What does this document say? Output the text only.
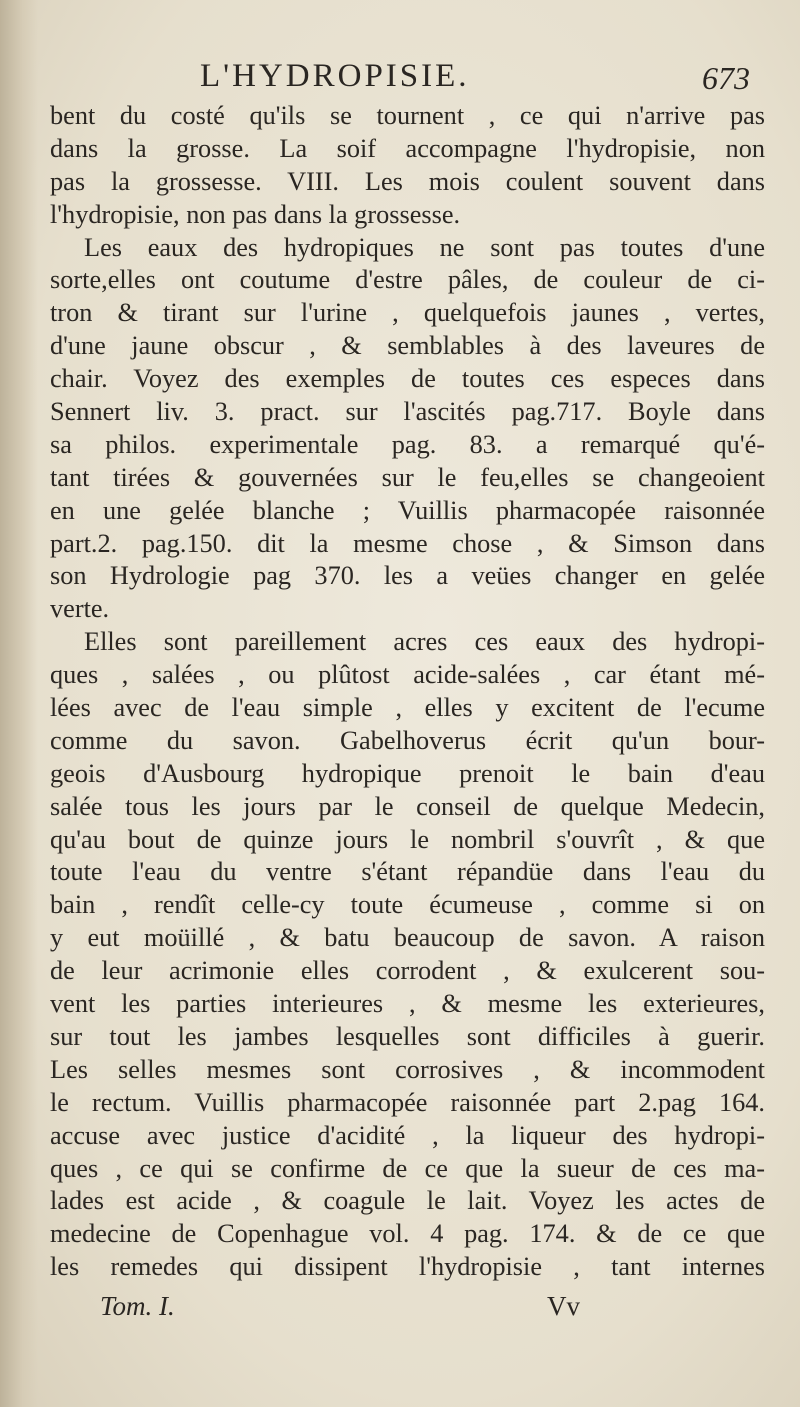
L'HYDROPISIE.	673
bent du costé qu'ils se tournent , ce qui n'arrive pas
dans la grosse. La soif accompagne l'hydropisie, non
pas la grossesse. VIII. Les mois coulent souvent dans
l'hydropisie, non pas dans la grossesse.
Les eaux des hydropiques ne sont pas toutes d'une
sorte,elles ont coutume d'estre pâles, de couleur de ci-
tron & tirant sur l'urine , quelquefois jaunes , vertes,
d'une jaune obscur , & semblables à des laveures de
chair. Voyez des exemples de toutes ces especes dans
Sennert liv. 3. pract. sur l'ascités pag.717. Boyle dans
sa philos. experimentale pag. 83. a remarqué qu'é-
tant tirées & gouvernées sur le feu,elles se changeoient
en une gelée blanche ; Vuillis pharmacopée raisonnée
part.2. pag.150. dit la mesme chose , & Simson dans
son Hydrologie pag 370. les a veües changer en gelée
verte.
Elles sont pareillement acres ces eaux des hydropi-
ques , salées , ou plûtost acide-salées , car étant mé-
lées avec de l'eau simple , elles y excitent de l'ecume
comme du savon. Gabelhoverus écrit qu'un bour-
geois d'Ausbourg hydropique prenoit le bain d'eau
salée tous les jours par le conseil de quelque Medecin,
qu'au bout de quinze jours le nombril s'ouvrît , & que
toute l'eau du ventre s'étant répandüe dans l'eau du
bain , rendît celle-cy toute écumeuse , comme si on
y eut moüillé , & batu beaucoup de savon. A raison
de leur acrimonie elles corrodent , & exulcerent sou-
vent les parties interieures , & mesme les exterieures,
sur tout les jambes lesquelles sont difficiles à guerir.
Les selles mesmes sont corrosives , & incommodent
le rectum. Vuillis pharmacopée raisonnée part 2.pag 164.
accuse avec justice d'acidité , la liqueur des hydropi-
ques , ce qui se confirme de ce que la sueur de ces ma-
lades est acide , & coagule le lait. Voyez les actes de
medecine de Copenhague vol. 4 pag. 174. & de ce que
les remedes qui dissipent l'hydropisie , tant internes
Tom. I.	Vv
